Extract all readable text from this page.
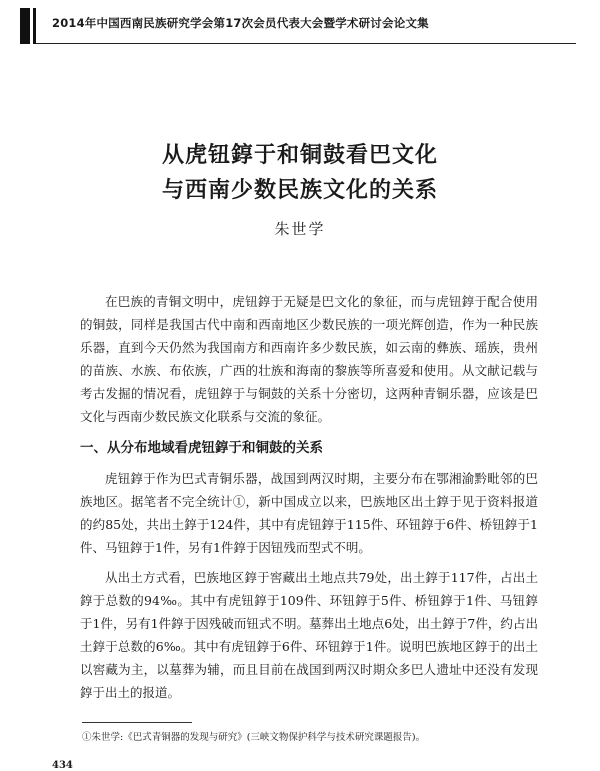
2014年中国西南民族研究学会第17次会员代表大会暨学术研讨会论文集
从虎钮錞于和铜鼓看巴文化
与西南少数民族文化的关系
朱世学

在巴族的青铜文明中，虎钮錞于无疑是巴文化的象征，而与虎钮錞于配合使用的铜鼓，同样是我国古代中南和西南地区少数民族的一项光辉创造，作为一种民族乐器，直到今天仍然为我国南方和西南许多少数民族，如云南的彝族、瑶族，贵州的苗族、水族、布依族，广西的壮族和海南的黎族等所喜爱和使用。从文献记载与考古发掘的情况看，虎钮錞于与铜鼓的关系十分密切，这两种青铜乐器，应该是巴文化与西南少数民族文化联系与交流的象征。

一、从分布地域看虎钮錞于和铜鼓的关系

虎钮錞于作为巴式青铜乐器，战国到两汉时期，主要分布在鄂湘渝黔毗邻的巴族地区。据笔者不完全统计①，新中国成立以来，巴族地区出土錞于见于资料报道的约85处，共出土錞于124件，其中有虎钮錞于115件、环钮錞于6件、桥钮錞于1件、马钮錞于1件，另有1件錞于因钮残而型式不明。

从出土方式看，巴族地区錞于窖藏出土地点共79处，出土錞于117件，占出土錞于总数的94‰。其中有虎钮錞于109件、环钮錞于5件、桥钮錞于1件、马钮錞于1件，另有1件錞于因残破而钮式不明。墓葬出土地点6处，出土錞于7件，约占出土錞于总数的6‰。其中有虎钮錞于6件、环钮錞于1件。说明巴族地区錞于的出土以窖藏为主，以墓葬为辅，而且目前在战国到两汉时期众多巴人遗址中还没有发现錞于出土的报道。

①朱世学:《巴式青铜器的发现与研究》(三峡文物保护科学与技术研究课题报告)。
434
